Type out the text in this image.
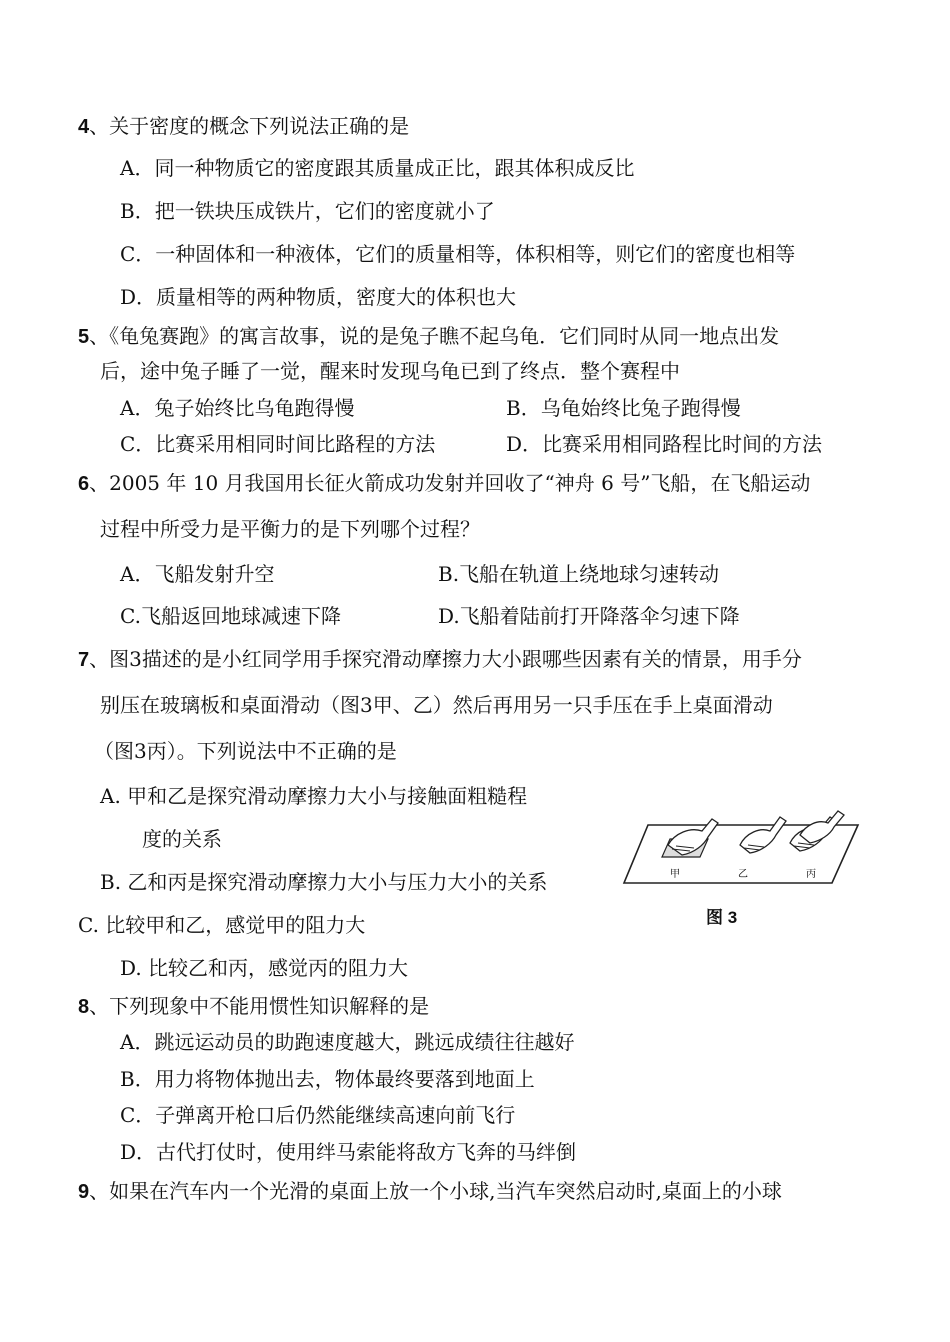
4、关于密度的概念下列说法正确的是
A．同一种物质它的密度跟其质量成正比，跟其体积成反比
B．把一铁块压成铁片，它们的密度就小了
C．一种固体和一种液体，它们的质量相等，体积相等，则它们的密度也相等
D．质量相等的两种物质，密度大的体积也大
5、《龟兔赛跑》的寓言故事，说的是兔子瞧不起乌龟．它们同时从同一地点出发
后，途中兔子睡了一觉，醒来时发现乌龟已到了终点．整个赛程中
A．兔子始终比乌龟跑得慢	B．乌龟始终比兔子跑得慢
C．比赛采用相同时间比路程的方法	D．比赛采用相同路程比时间的方法
6、2005 年 10 月我国用长征火箭成功发射并回收了“神舟 6 号”飞船，在飞船运动
过程中所受力是平衡力的是下列哪个过程？
A．飞船发射升空	B.飞船在轨道上绕地球匀速转动
C.飞船返回地球减速下降	D.飞船着陆前打开降落伞匀速下降
7、图3描述的是小红同学用手探究滑动摩擦力大小跟哪些因素有关的情景，用手分
别压在玻璃板和桌面滑动（图3甲、乙）然后再用另一只手压在手上桌面滑动
（图3丙）。下列说法中不正确的是
A. 甲和乙是探究滑动摩擦力大小与接触面粗糙程
度的关系
B. 乙和丙是探究滑动摩擦力大小与压力大小的关系
C. 比较甲和乙，感觉甲的阻力大
D. 比较乙和丙，感觉丙的阻力大
甲	乙	丙
图 3
8、下列现象中不能用惯性知识解释的是
A．跳远运动员的助跑速度越大，跳远成绩往往越好
B．用力将物体抛出去，物体最终要落到地面上
C．子弹离开枪口后仍然能继续高速向前飞行
D．古代打仗时，使用绊马索能将敌方飞奔的马绊倒
9、如果在汽车内一个光滑的桌面上放一个小球,当汽车突然启动时,桌面上的小球
